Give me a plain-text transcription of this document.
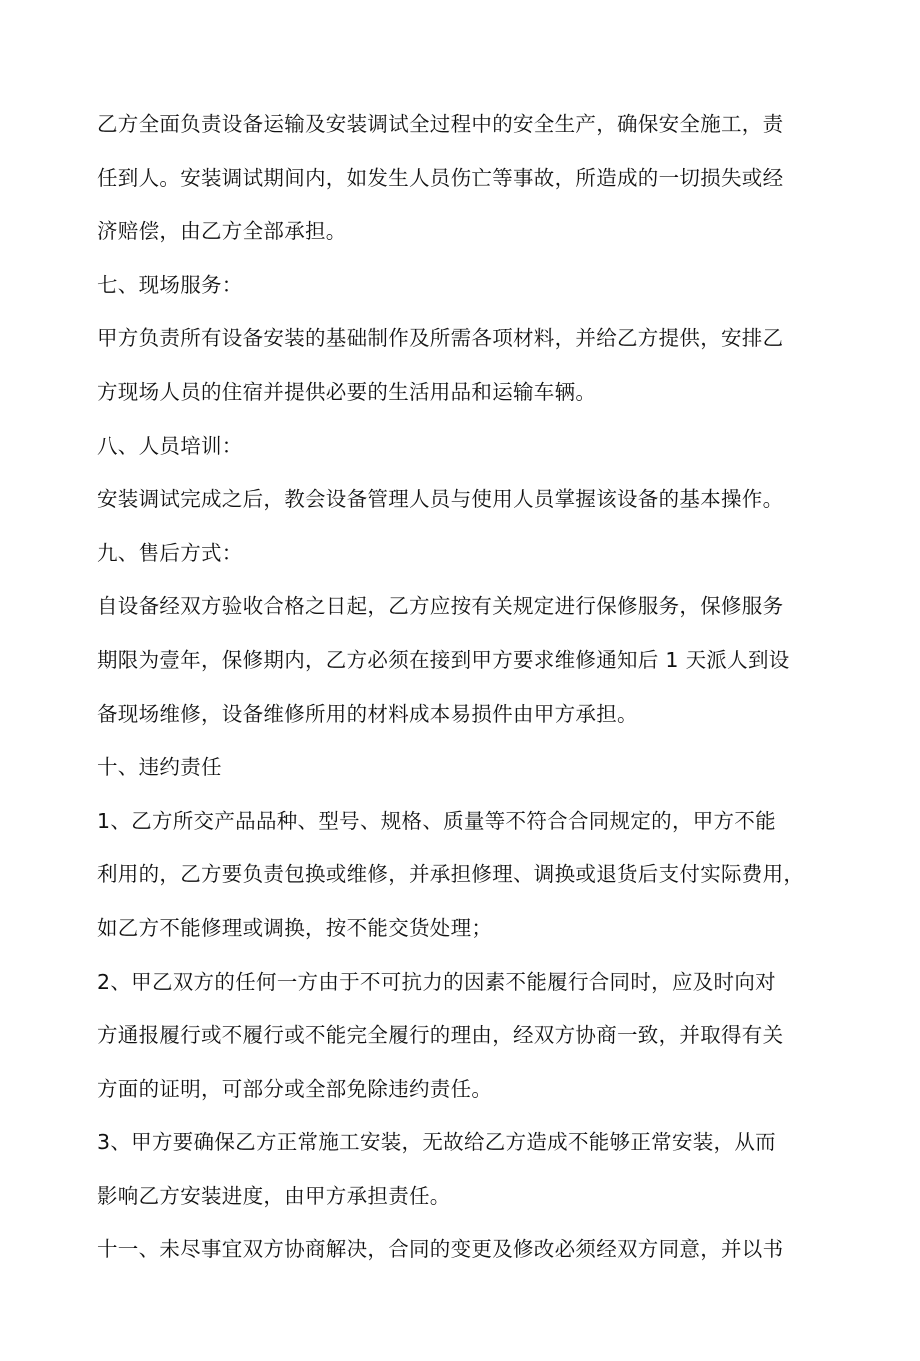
乙方全面负责设备运输及安装调试全过程中的安全生产，确保安全施工，责
任到人。安装调试期间内，如发生人员伤亡等事故，所造成的一切损失或经
济赔偿，由乙方全部承担。

七、现场服务：

甲方负责所有设备安装的基础制作及所需各项材料，并给乙方提供，安排乙
方现场人员的住宿并提供必要的生活用品和运输车辆。

八、人员培训：

安装调试完成之后，教会设备管理人员与使用人员掌握该设备的基本操作。

九、售后方式：

自设备经双方验收合格之日起，乙方应按有关规定进行保修服务，保修服务
期限为壹年，保修期内，乙方必须在接到甲方要求维修通知后 1 天派人到设
备现场维修，设备维修所用的材料成本易损件由甲方承担。

十、违约责任

1、乙方所交产品品种、型号、规格、质量等不符合合同规定的，甲方不能
利用的，乙方要负责包换或维修，并承担修理、调换或退货后支付实际费用，
如乙方不能修理或调换，按不能交货处理；

2、甲乙双方的任何一方由于不可抗力的因素不能履行合同时，应及时向对
方通报履行或不履行或不能完全履行的理由，经双方协商一致，并取得有关
方面的证明，可部分或全部免除违约责任。

3、甲方要确保乙方正常施工安装，无故给乙方造成不能够正常安装，从而
影响乙方安装进度，由甲方承担责任。

十一、未尽事宜双方协商解决，合同的变更及修改必须经双方同意，并以书
